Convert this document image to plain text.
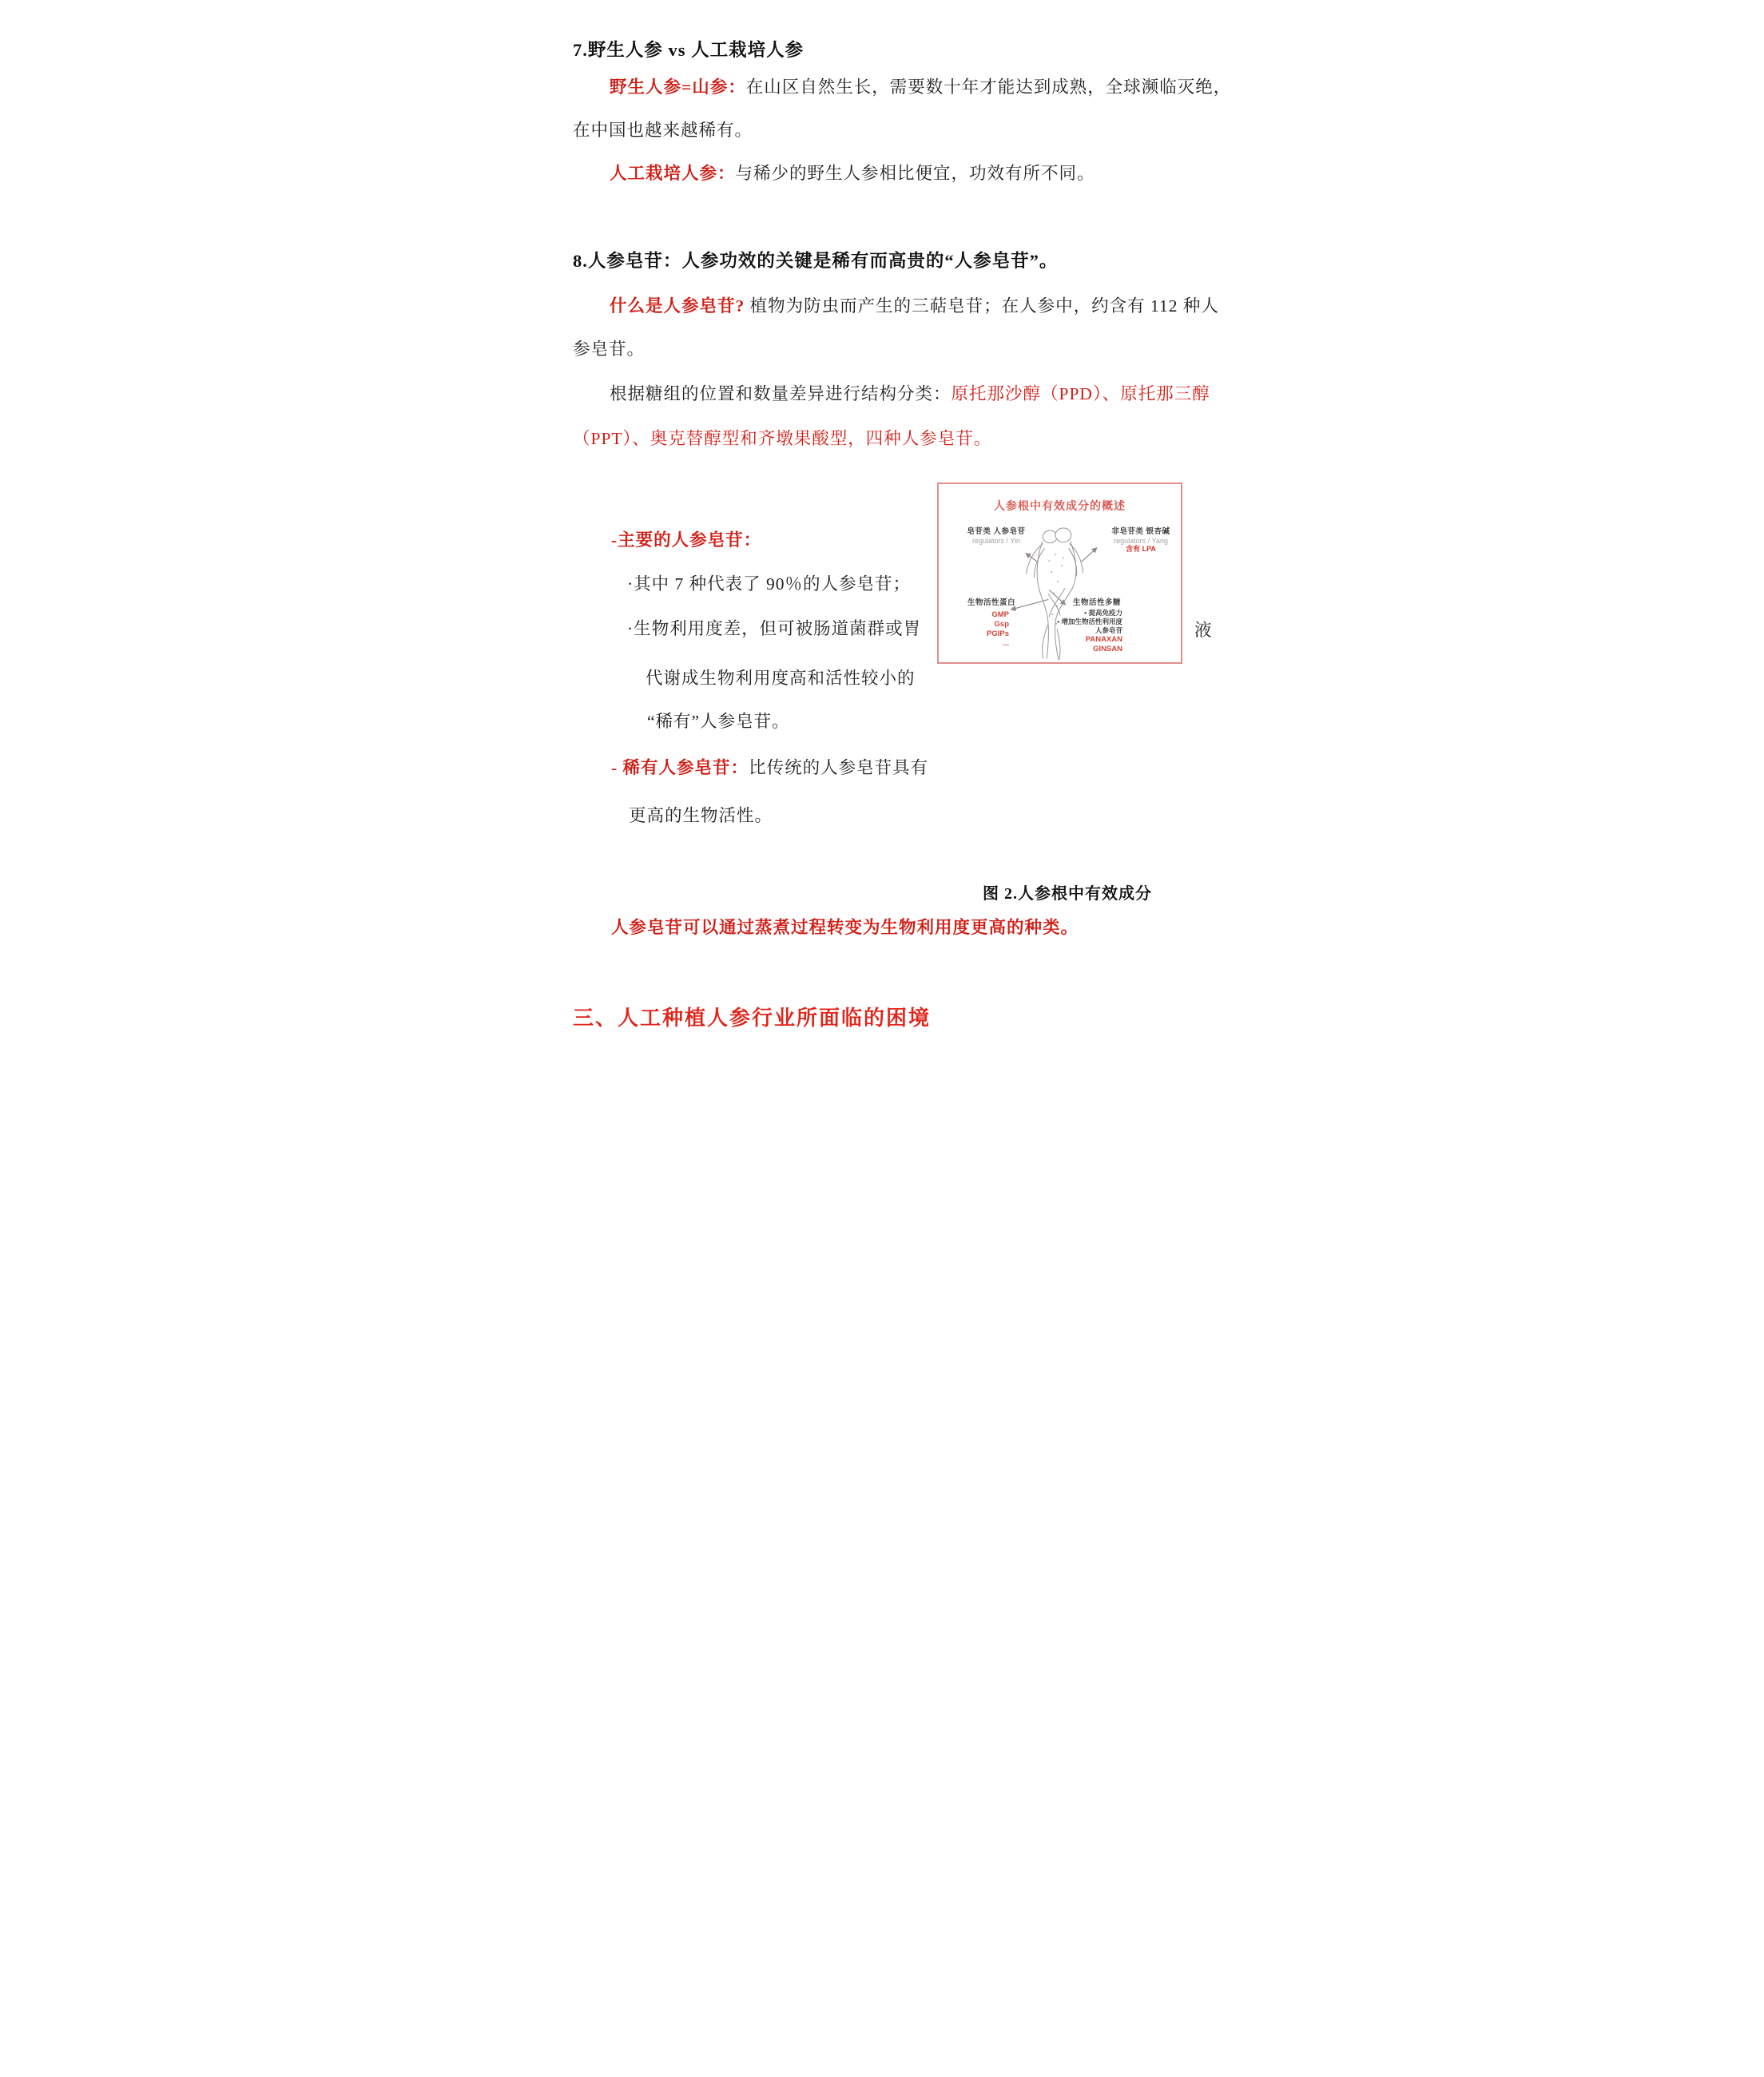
7.野生人参 vs 人工栽培人参
野生人参=山参：在山区自然生长，需要数十年才能达到成熟，全球濒临灭绝，
在中国也越来越稀有。
人工栽培人参：与稀少的野生人参相比便宜，功效有所不同。
8.人参皂苷：人参功效的关键是稀有而高贵的“人参皂苷”。
什么是人参皂苷? 植物为防虫而产生的三萜皂苷；在人参中，约含有 112 种人
参皂苷。
根据糖组的位置和数量差异进行结构分类：原托那沙醇（PPD）、原托那三醇
（PPT）、奥克替醇型和齐墩果酸型，四种人参皂苷。
-主要的人参皂苷：
·其中 7 种代表了 90％的人参皂苷；
·生物利用度差，但可被肠道菌群或胃	液
代谢成生物利用度高和活性较小的
“稀有”人参皂苷。
- 稀有人参皂苷：比传统的人参皂苷具有
更高的生物活性。
人参根中有效成分的概述
皂苷类 人参皂苷
regulators / Yin
非皂苷类 银杏碱
regulators / Yang
含有 LPA
生物活性蛋白
GMP
Gsp
PGIPs
...
生物活性多糖
• 提高免疫力
• 增加生物活性利用度
人参皂苷
PANAXAN
GINSAN
图 2.人参根中有效成分
人参皂苷可以通过蒸煮过程转变为生物利用度更高的种类。
三、人工种植人参行业所面临的困境
